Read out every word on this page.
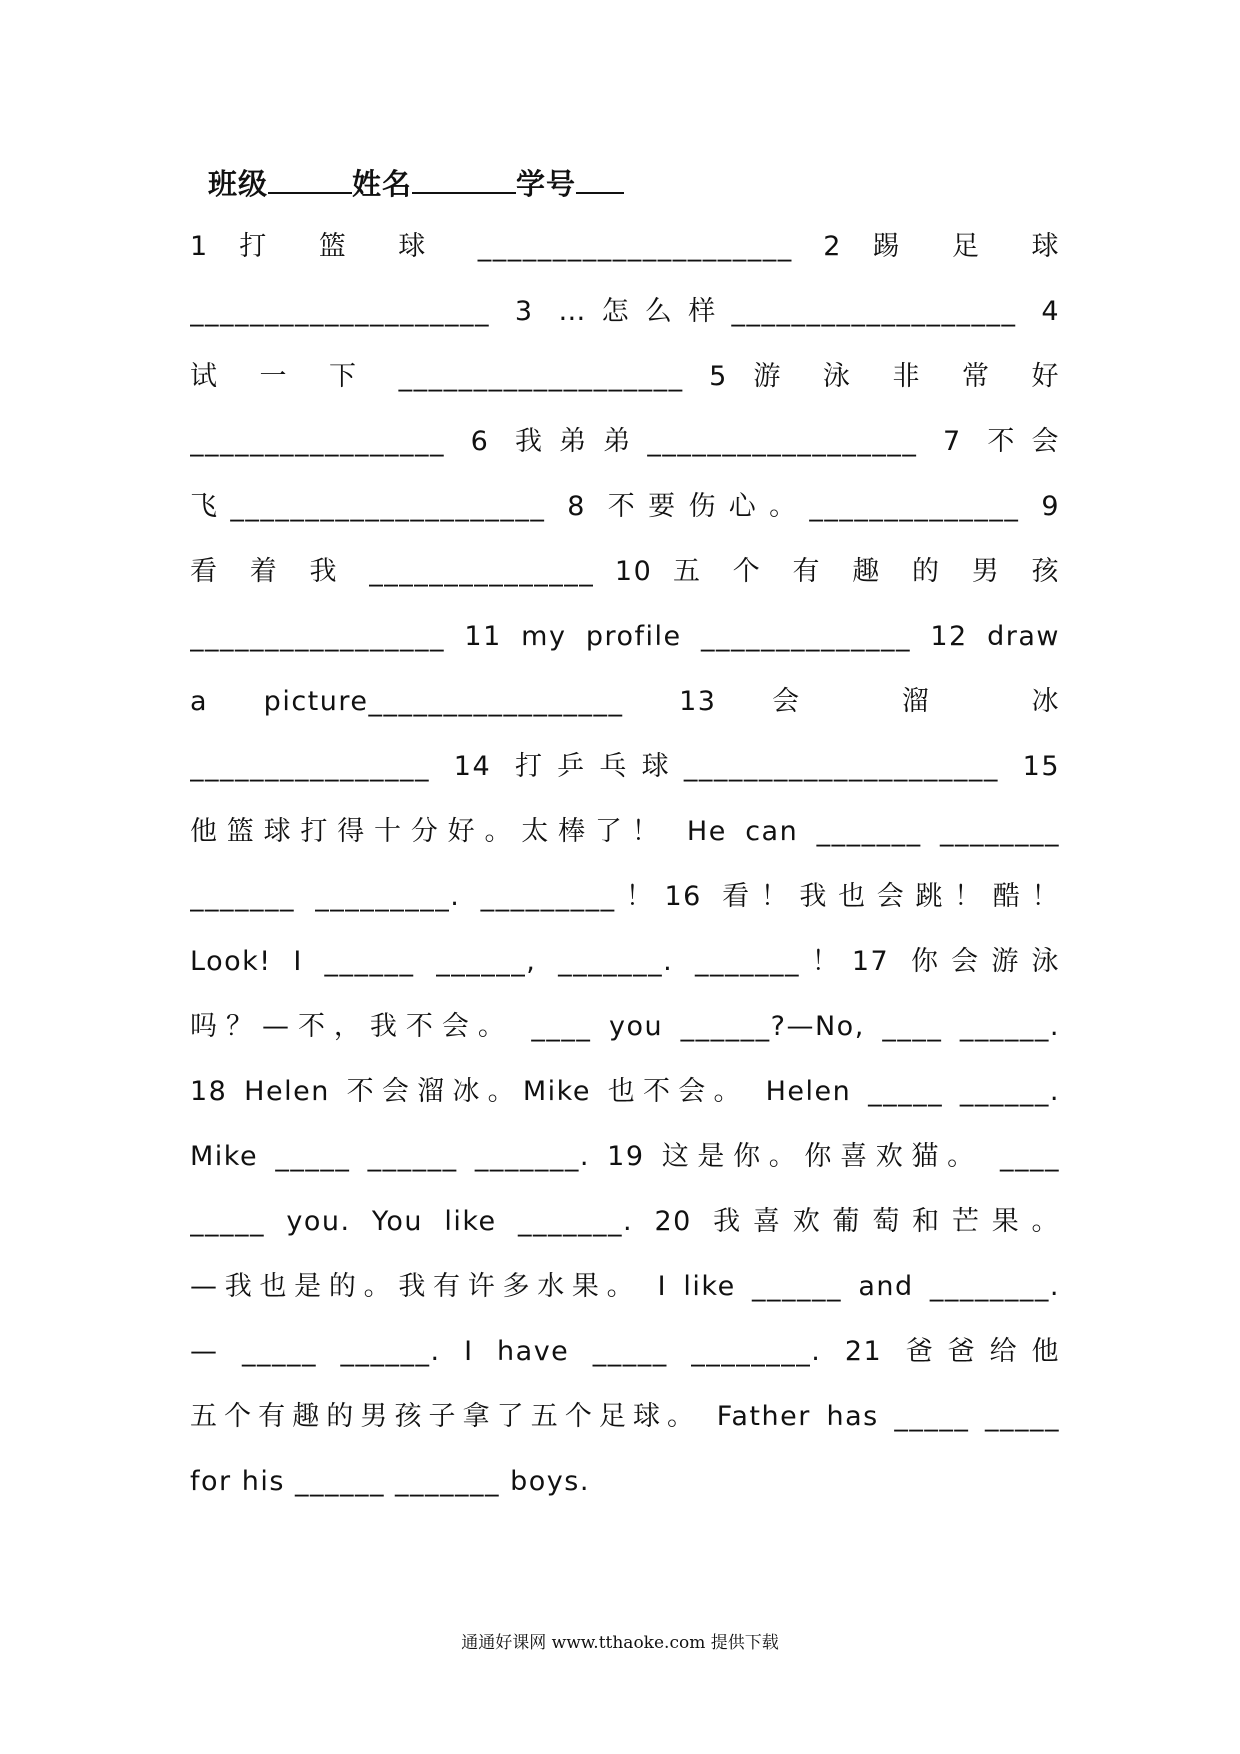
班级	姓名	学号
1 打 篮 球 _____________________ 2 踢 足 球
____________________ 3 …怎么样___________________ 4
试 一 下 ___________________ 5 游 泳 非 常 好
_________________ 6 我弟弟__________________ 7 不会
飞_____________________ 8 不要伤心。______________ 9
看 着 我 _______________ 10 五 个 有 趣 的 男 孩
_________________ 11 my profile ______________ 12 draw
a picture_________________ 13 会 溜 冰
________________ 14 打乒乓球_____________________ 15
他篮球打得十分好。太棒了！ He can _______ ________
_______ _________. _________！16 看！我也会跳！酷！
Look! I ______ ______, _______. _______！17 你会游泳
吗？—不，我不会。 ____ you ______?—No, ____ ______.
18 Helen 不会溜冰。Mike 也不会。 Helen _____ ______.
Mike _____ ______ _______. 19 这是你。你喜欢猫。 ____
_____ you. You like _______. 20 我喜欢葡萄和芒果。
—我也是的。我有许多水果。 I like ______ and ________.
— _____ ______. I have _____ ________. 21 爸爸给他
五个有趣的男孩子拿了五个足球。 Father has _____ _____
for his ______ _______ boys.
通通好课网 www.tthaoke.com 提供下载
